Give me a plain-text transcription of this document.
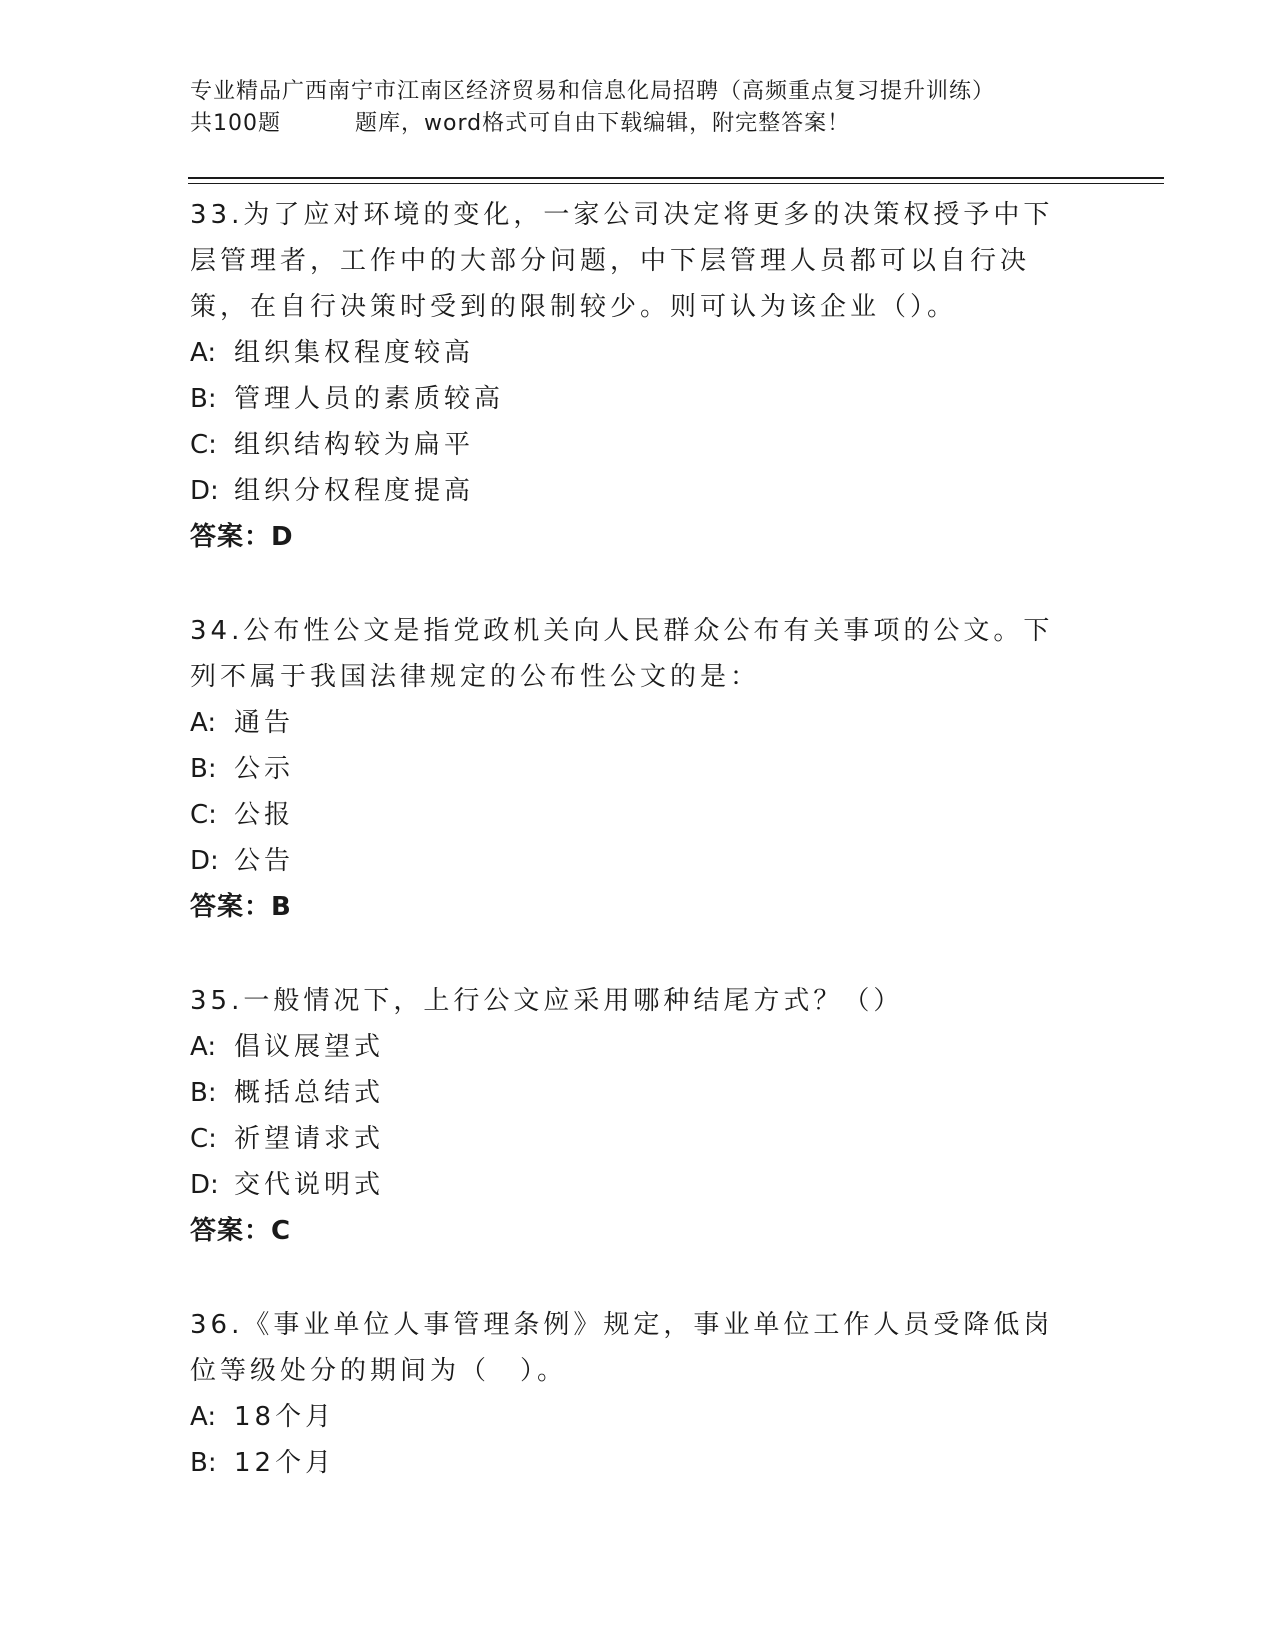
专业精品广西南宁市江南区经济贸易和信息化局招聘（高频重点复习提升训练）
共100题	题库，word格式可自由下载编辑，附完整答案！

33.为了应对环境的变化，一家公司决定将更多的决策权授予中下层管理者，工作中的大部分问题，中下层管理人员都可以自行决策，在自行决策时受到的限制较少。则可认为该企业（）。

A: 组织集权程度较高

B: 管理人员的素质较高

C: 组织结构较为扁平

D: 组织分权程度提高

答案：D

34.公布性公文是指党政机关向人民群众公布有关事项的公文。下列不属于我国法律规定的公布性公文的是：

A: 通告

B: 公示

C: 公报

D: 公告

答案：B

35.一般情况下，上行公文应采用哪种结尾方式？（）

A: 倡议展望式

B: 概括总结式

C: 祈望请求式

D: 交代说明式

答案：C

36.《事业单位人事管理条例》规定，事业单位工作人员受降低岗位等级处分的期间为（　）。

A: 18个月

B: 12个月
